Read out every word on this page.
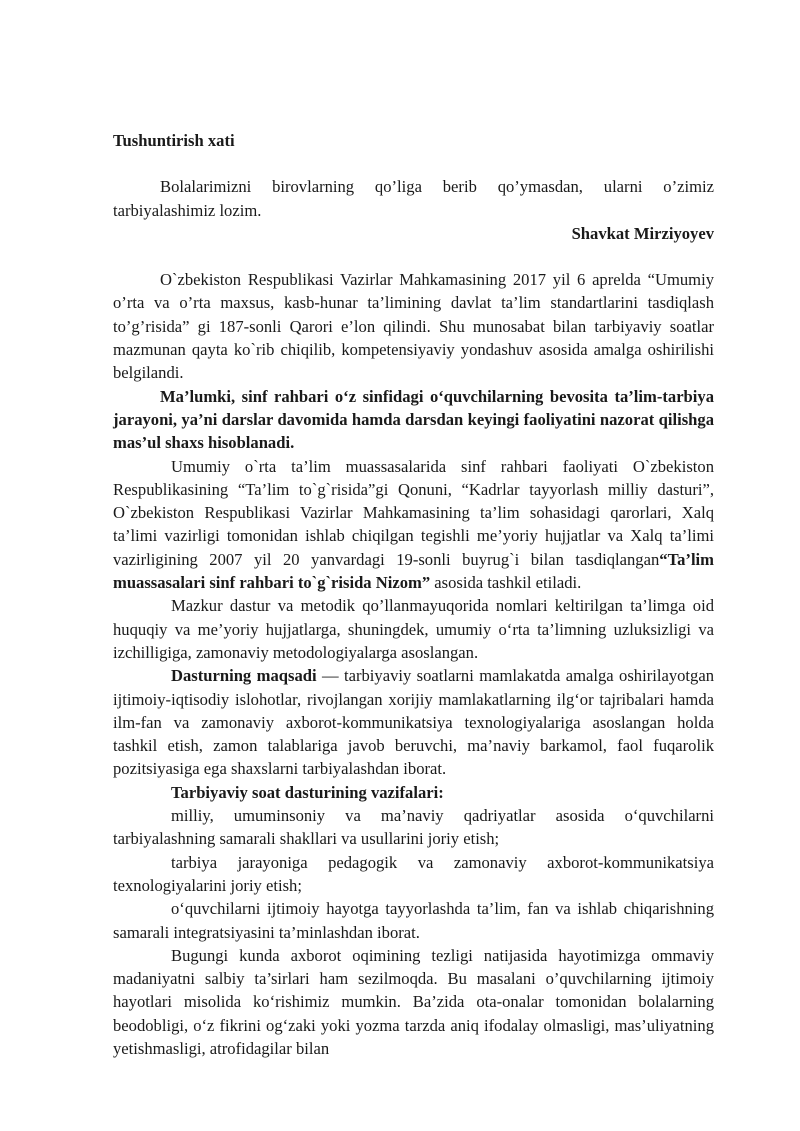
Tushuntirish xati

Bolalarimizni birovlarning qo’liga berib qo’ymasdan, ularni o’zimiz tarbiyalashimiz lozim.

Shavkat Mirziyoyev

O`zbekiston Respublikasi Vazirlar Mahkamasining 2017 yil 6 aprelda “Umumiy o’rta va o’rta maxsus, kasb-hunar ta’limining davlat ta’lim standartlarini tasdiqlash to’g’risida” gi 187-sonli Qarori e’lon qilindi. Shu munosabat bilan tarbiyaviy soatlar mazmunan qayta ko`rib chiqilib, kompetensiyaviy yondashuv asosida amalga oshirilishi belgilandi.

Ma’lumki, sinf rahbari o‘z sinfidagi o‘quvchilarning bevosita ta’lim-tarbiya jarayoni, ya’ni darslar davomida hamda darsdan keyingi faoliyatini nazorat qilishga mas’ul shaxs hisoblanadi.

Umumiy o`rta ta’lim muassasalarida sinf rahbari faoliyati O`zbekiston Respublikasining “Ta’lim to`g`risida”gi Qonuni, “Kadrlar tayyorlash milliy dasturi”, O`zbekiston Respublikasi Vazirlar Mahkamasining ta’lim sohasidagi qarorlari, Xalq ta’limi vazirligi tomonidan ishlab chiqilgan tegishli me’yoriy hujjatlar va Xalq ta’limi vazirligining 2007 yil 20 yanvardagi 19-sonli buyrug`i bilan tasdiqlangan“Ta’lim muassasalari sinf rahbari to`g`risida Nizom” asosida tashkil etiladi.

Mazkur dastur va metodik qo’llanmayuqorida nomlari keltirilgan ta’limga oid huquqiy va me’yoriy hujjatlarga, shuningdek, umumiy o‘rta ta’limning uzluksizligi va izchilligiga, zamonaviy metodologiyalarga asoslangan.

Dasturning maqsadi — tarbiyaviy soatlarni mamlakatda amalga oshirilayotgan ijtimoiy-iqtisodiy islohotlar, rivojlangan xorijiy mamlakatlarning ilg‘or tajribalari hamda ilm-fan va zamonaviy axborot-kommunikatsiya texnologiyalariga asoslangan holda tashkil etish, zamon talablariga javob beruvchi, ma’naviy barkamol, faol fuqarolik pozitsiyasiga ega shaxslarni tarbiyalashdan iborat.

Tarbiyaviy soat dasturining vazifalari:

milliy, umuminsoniy va ma’naviy qadriyatlar asosida o‘quvchilarni tarbiyalashning samarali shakllari va usullarini joriy etish;

tarbiya jarayoniga pedagogik va zamonaviy axborot-kommunikatsiya texnologiyalarini joriy etish;

o‘quvchilarni ijtimoiy hayotga tayyorlashda ta’lim, fan va ishlab chiqarishning samarali integratsiyasini ta’minlashdan iborat.

Bugungi kunda axborot oqimining tezligi natijasida hayotimizga ommaviy madaniyatni salbiy ta’sirlari ham sezilmoqda. Bu masalani o’quvchilarning ijtimoiy hayotlari misolida ko‘rishimiz mumkin. Ba’zida ota-onalar tomonidan bolalarning beodobligi, o‘z fikrini og‘zaki yoki yozma tarzda aniq ifodalay olmasligi, mas’uliyatning yetishmasligi, atrofidagilar bilan
